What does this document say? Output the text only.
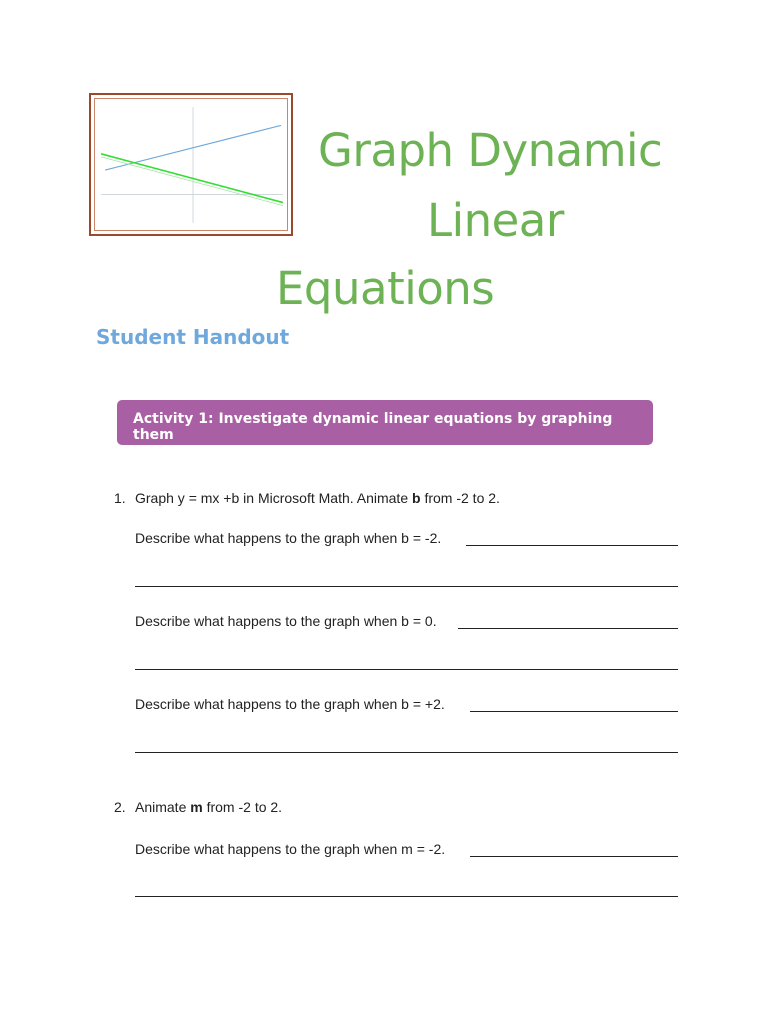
Graph Dynamic
Linear
Equations
Student Handout
Activity 1: Investigate dynamic linear equations by graphing them
1. Graph y = mx +b in Microsoft Math. Animate b from -2 to 2.
Describe what happens to the graph when b = -2.
Describe what happens to the graph when b = 0.
Describe what happens to the graph when b = +2.
2. Animate m from -2 to 2.
Describe what happens to the graph when m = -2.
